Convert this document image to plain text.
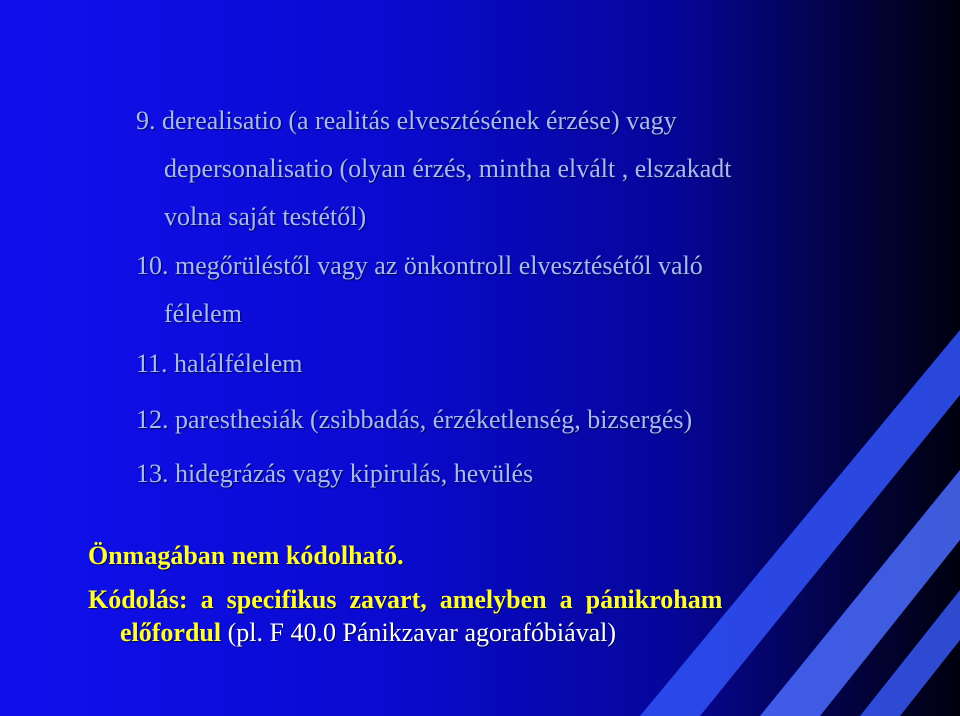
9. derealisatio (a realitás elvesztésének érzése) vagy
depersonalisatio (olyan érzés, mintha elvált , elszakadt
volna saját testétől)
10. megőrüléstől vagy az önkontroll elvesztésétől való
félelem
11. halálfélelem
12. paresthesiák (zsibbadás, érzéketlenség, bizsergés)
13. hidegrázás vagy kipirulás, hevülés
Önmagában nem kódolható.
Kódolás:  a  specifikus  zavart,  amelyben  a  pánikroham
előfordul (pl. F 40.0 Pánikzavar agorafóbiával)
